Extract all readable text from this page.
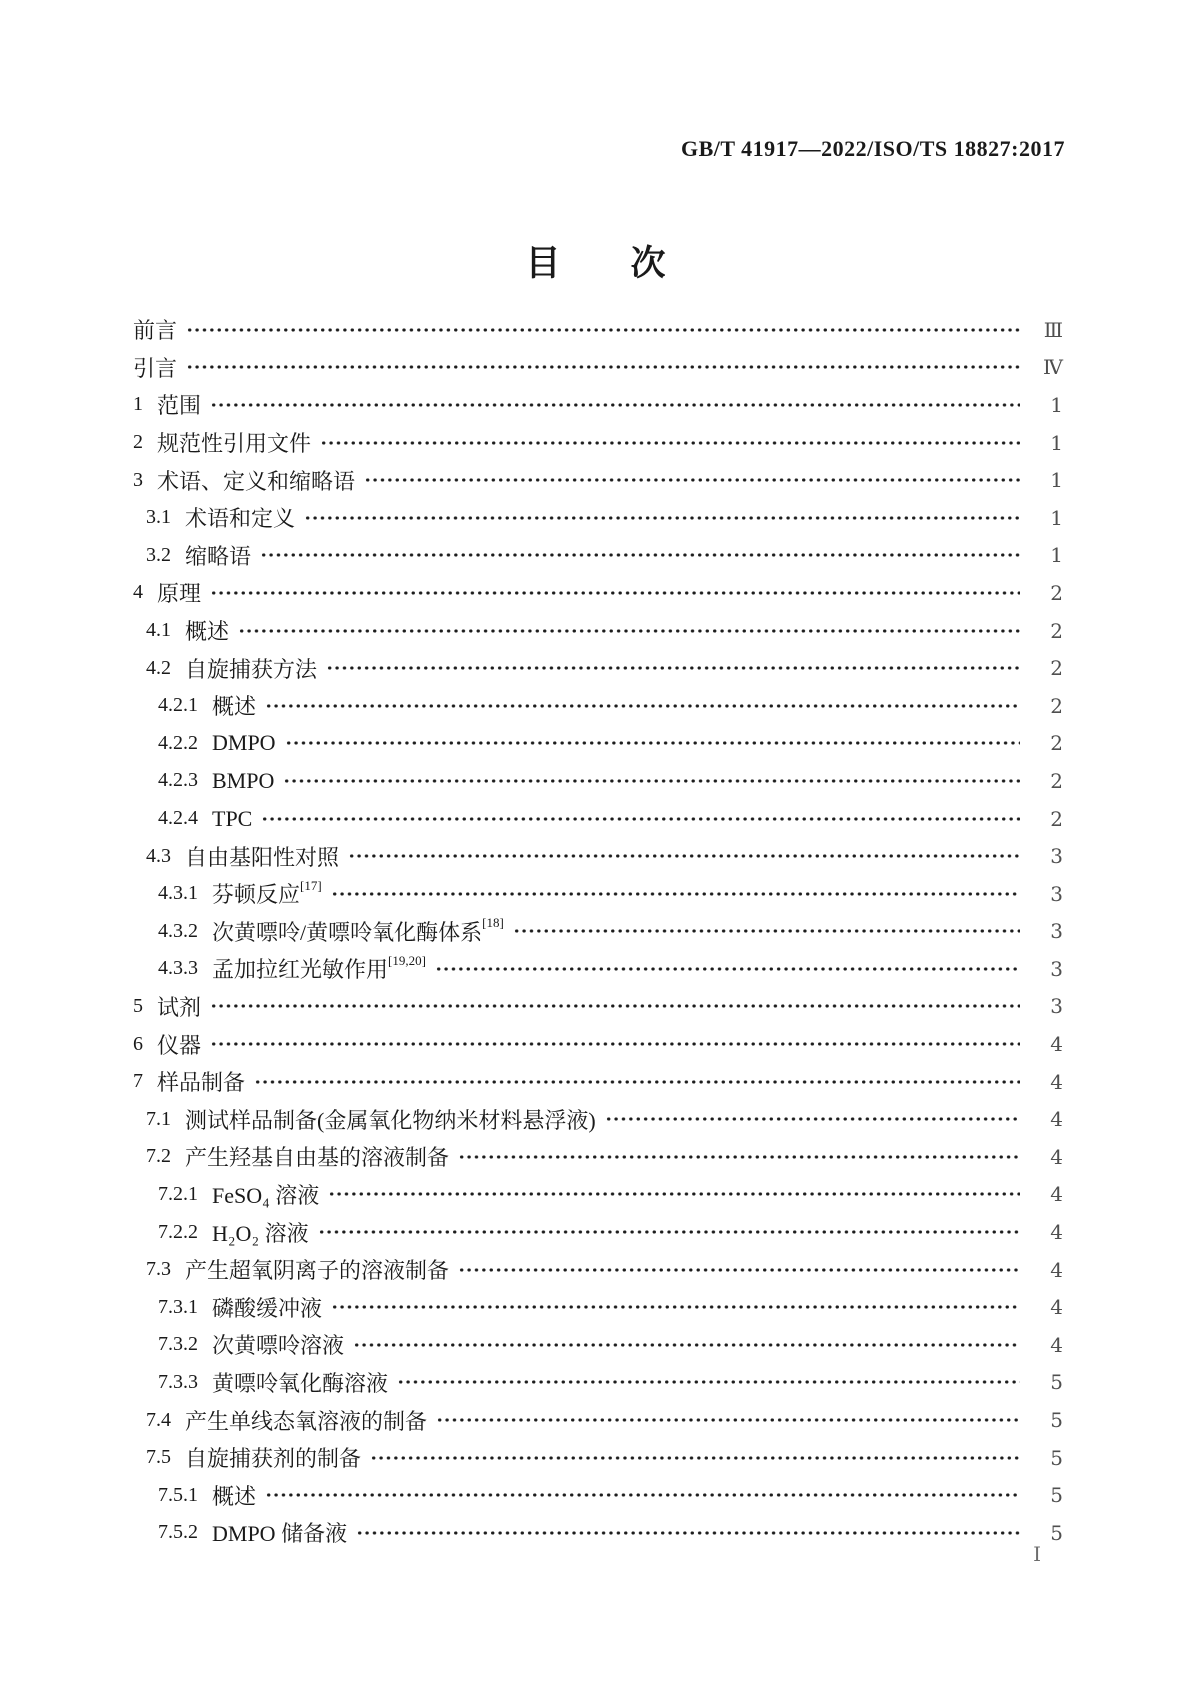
GB/T 41917—2022/ISO/TS 18827:2017
目　　次
前言	Ⅲ
引言	Ⅳ
1 范围	1
2 规范性引用文件	1
3 术语、定义和缩略语	1
3.1 术语和定义	1
3.2 缩略语	1
4 原理	2
4.1 概述	2
4.2 自旋捕获方法	2
4.2.1 概述	2
4.2.2 DMPO	2
4.2.3 BMPO	2
4.2.4 TPC	2
4.3 自由基阳性对照	3
4.3.1 芬顿反应 [17]	3
4.3.2 次黄嘌呤/黄嘌呤氧化酶体系 [18]	3
4.3.3 孟加拉红光敏作用 [19,20]	3
5 试剂	3
6 仪器	4
7 样品制备	4
7.1 测试样品制备(金属氧化物纳米材料悬浮液)	4
7.2 产生羟基自由基的溶液制备	4
7.2.1 FeSO₄ 溶液	4
7.2.2 H₂O₂ 溶液	4
7.3 产生超氧阴离子的溶液制备	4
7.3.1 磷酸缓冲液	4
7.3.2 次黄嘌呤溶液	4
7.3.3 黄嘌呤氧化酶溶液	5
7.4 产生单线态氧溶液的制备	5
7.5 自旋捕获剂的制备	5
7.5.1 概述	5
7.5.2 DMPO 储备液	5
Ⅰ
